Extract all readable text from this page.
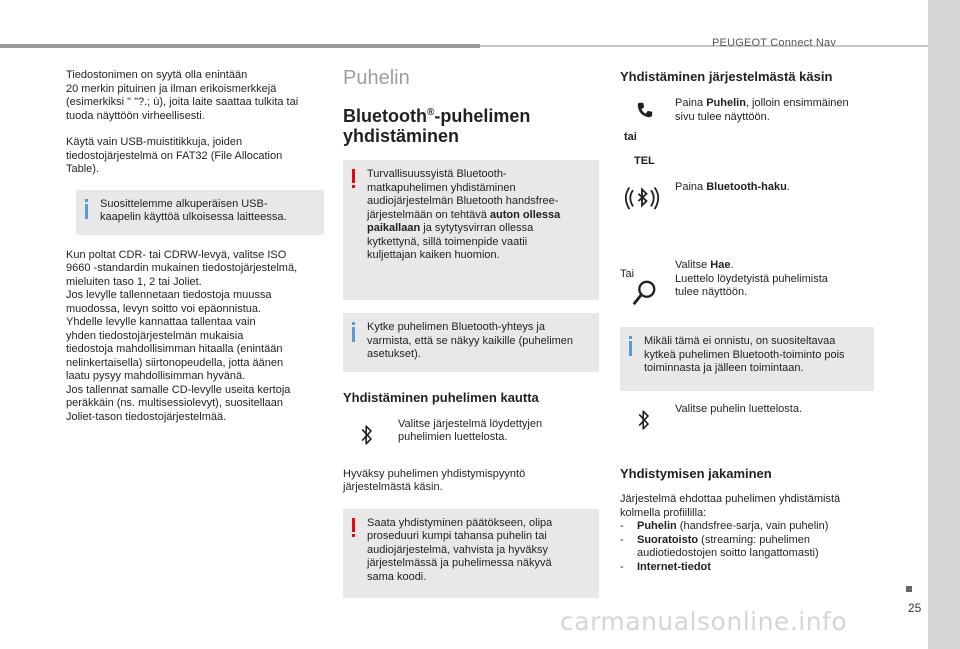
PEUGEOT Connect Nav
Tiedostonimen on syytä olla enintään
20 merkin pituinen ja ilman erikoismerkkejä
(esimerkiksi " "?.; ù), joita laite saattaa tulkita tai
tuoda näyttöön virheellisesti.
Käytä vain USB-muistitikkuja, joiden
tiedostojärjestelmä on FAT32 (File Allocation
Table).
Suosittelemme alkuperäisen USB-
kaapelin käyttöä ulkoisessa laitteessa.
Kun poltat CDR- tai CDRW-levyä, valitse ISO
9660 -standardin mukainen tiedostojärjestelmä,
mieluiten taso 1, 2 tai Joliet.
Jos levylle tallennetaan tiedostoja muussa
muodossa, levyn soitto voi epäonnistua.
Yhdelle levylle kannattaa tallentaa vain
yhden tiedostojärjestelmän mukaisia
tiedostoja mahdollisimman hitaalla (enintään
nelinkertaisella) siirtonopeudella, jotta äänen
laatu pysyy mahdollisimman hyvänä.
Jos tallennat samalle CD-levylle useita kertoja
peräkkäin (ns. multisessiolevyt), suositellaan
Joliet-tason tiedostojärjestelmää.
Puhelin
Bluetooth®-puhelimen
yhdistäminen
Turvallisuussyistä Bluetooth-
matkapuhelimen yhdistäminen
audiojärjestelmän Bluetooth handsfree-
järjestelmään on tehtävä auton ollessa
paikallaan ja sytytysvirran ollessa
kytkettynä, sillä toimenpide vaatii
kuljettajan kaiken huomion.
Kytke puhelimen Bluetooth-yhteys ja
varmista, että se näkyy kaikille (puhelimen
asetukset).
Yhdistäminen puhelimen kautta
Valitse järjestelmä löydettyjen
puhelimien luettelosta.
Hyväksy puhelimen yhdistymispyyntö
järjestelmästä käsin.
Saata yhdistyminen päätökseen, olipa
proseduuri kumpi tahansa puhelin tai
audiojärjestelmä, vahvista ja hyväksy
järjestelmässä ja puhelimessa näkyvä
sama koodi.
Yhdistäminen järjestelmästä käsin
tai
TEL
Paina Puhelin, jolloin ensimmäinen
sivu tulee näyttöön.
Paina Bluetooth-haku.
Tai
Valitse Hae.
Luettelo löydetyistä puhelimista
tulee näyttöön.
Mikäli tämä ei onnistu, on suositeltavaa
kytkeä puhelimen Bluetooth-toiminto pois
toiminnasta ja jälleen toimintaan.
Valitse puhelin luettelosta.
Yhdistymisen jakaminen
Järjestelmä ehdottaa puhelimen yhdistämistä
kolmella profiililla:
- Puhelin (handsfree-sarja, vain puhelin)
- Suoratoisto (streaming: puhelimen
audiotiedostojen soitto langattomasti)
- Internet-tiedot
25
carmanualsonline.info
